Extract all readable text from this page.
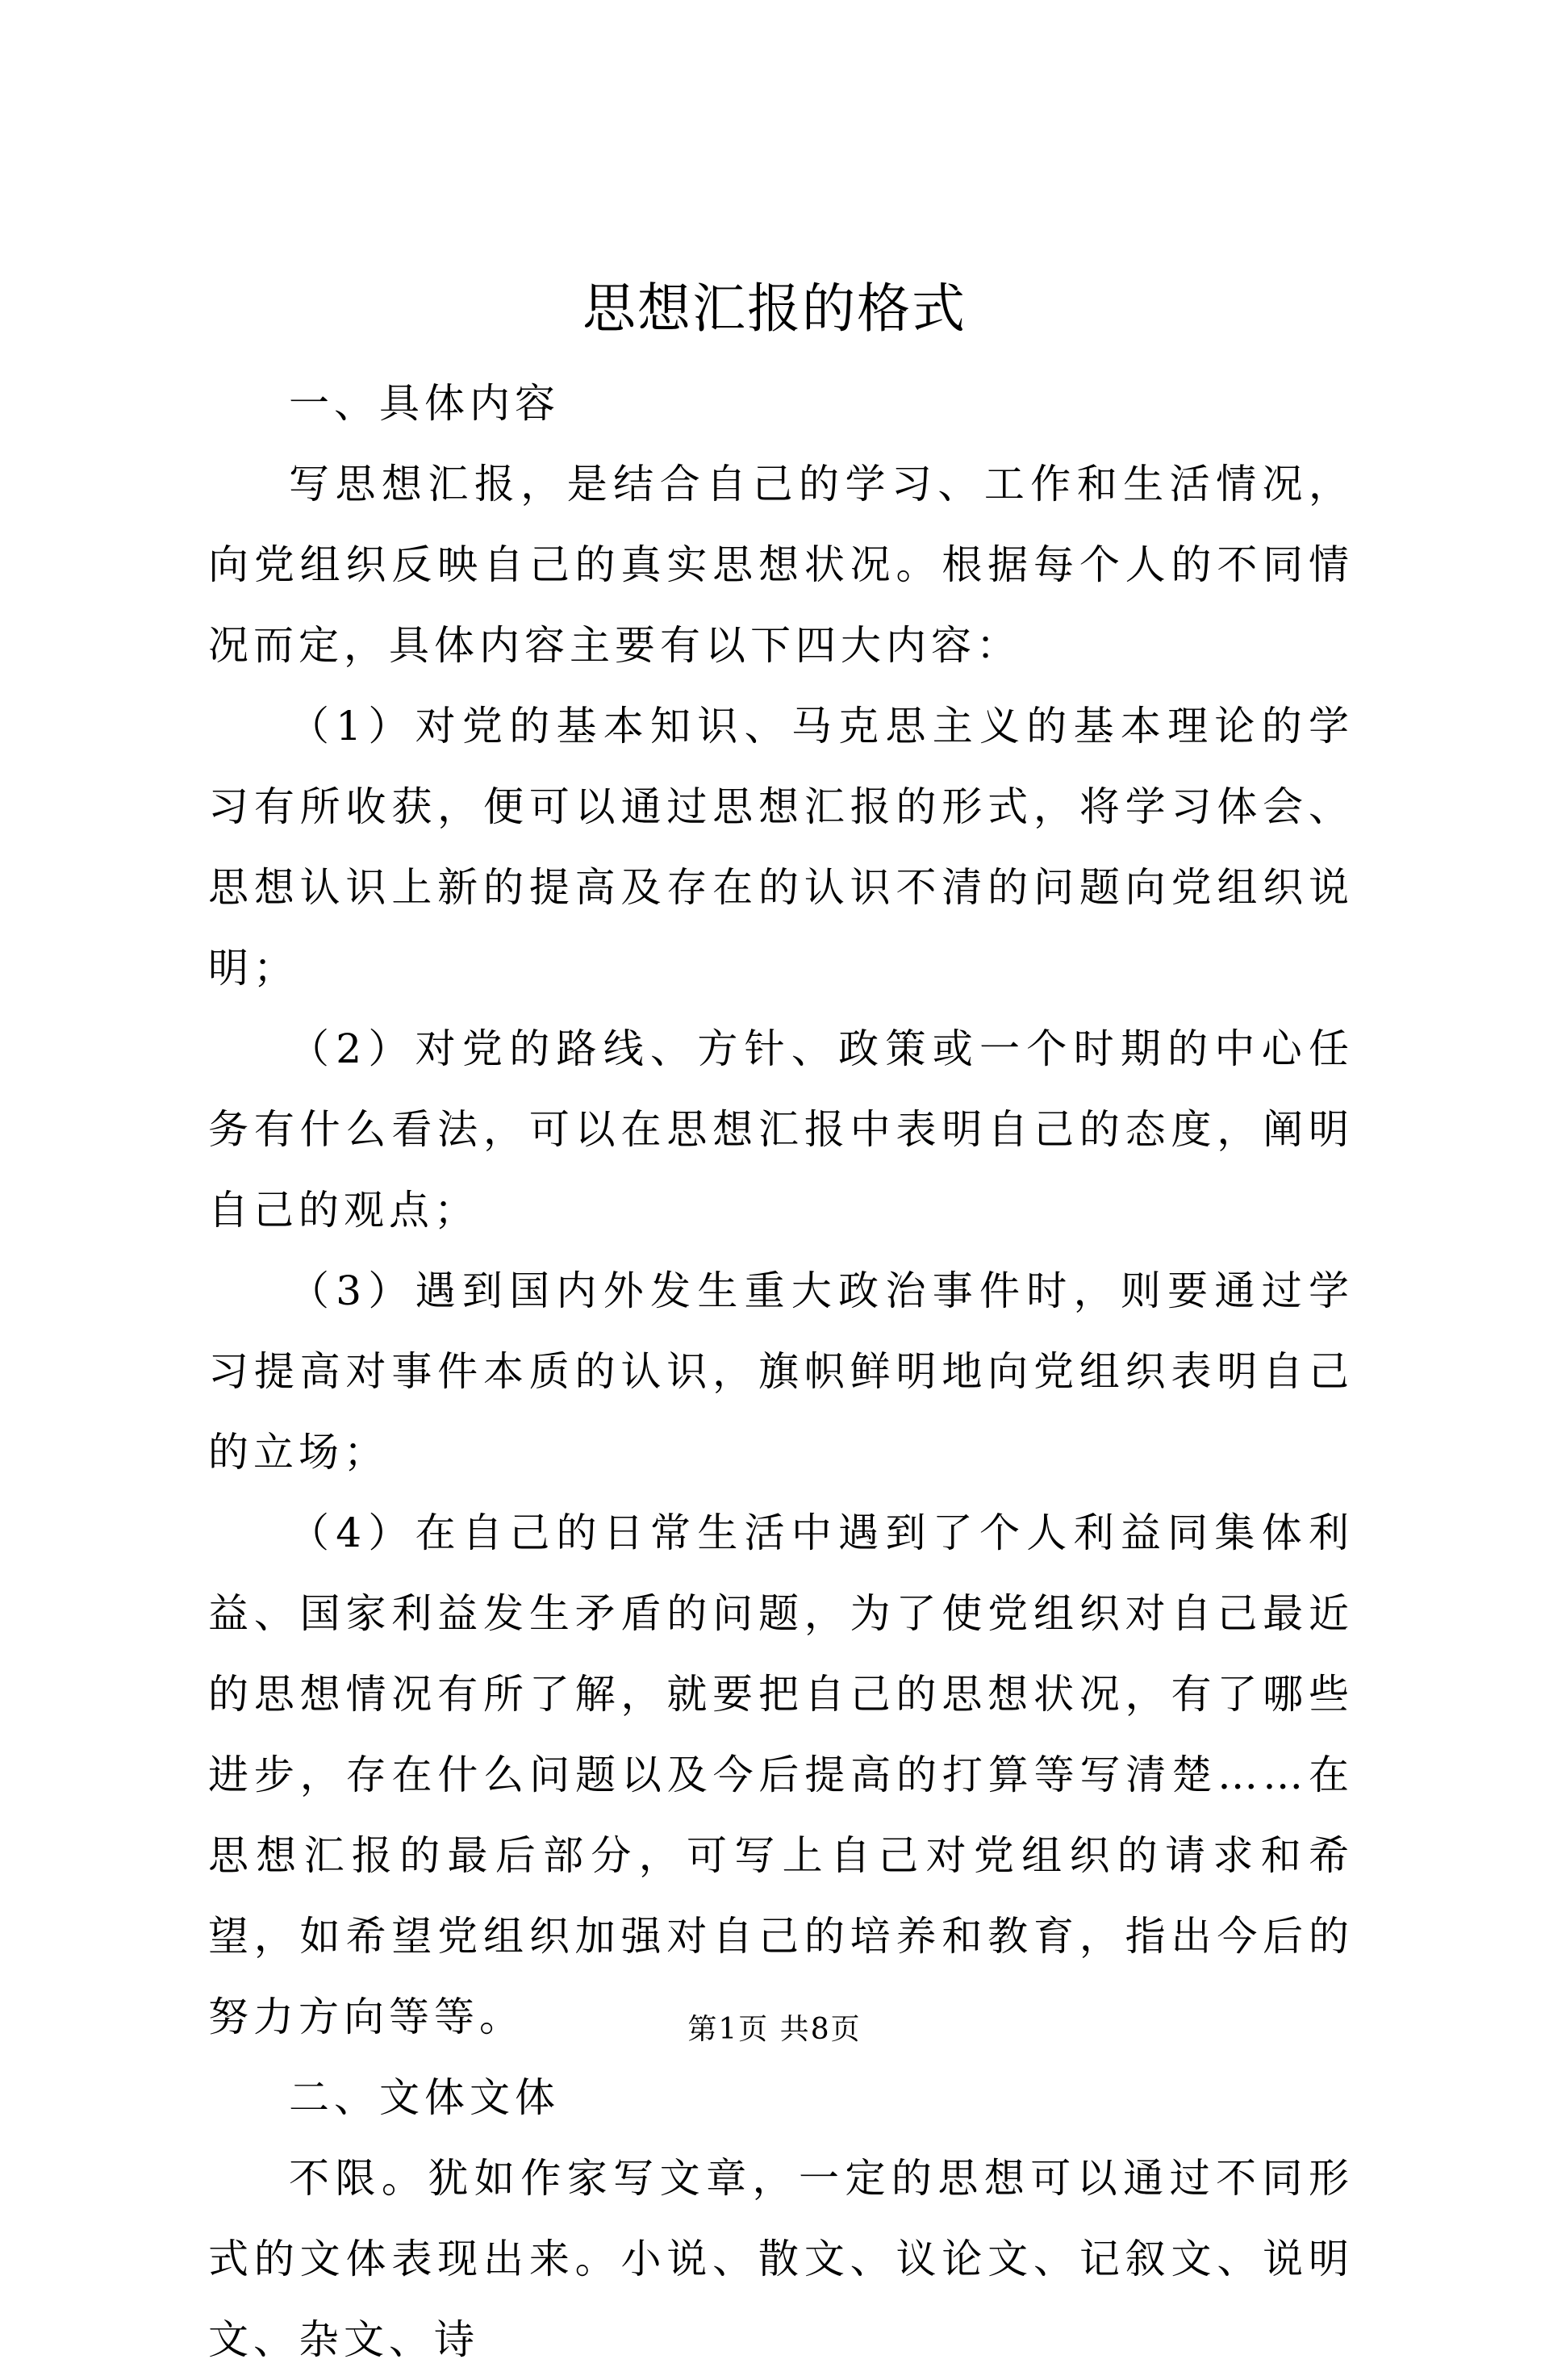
思想汇报的格式

一、具体内容

写思想汇报，是结合自己的学习、工作和生活情况，向党组织反映自己的真实思想状况。根据每个人的不同情况而定，具体内容主要有以下四大内容：

（1）对党的基本知识、马克思主义的基本理论的学习有所收获，便可以通过思想汇报的形式，将学习体会、思想认识上新的提高及存在的认识不清的问题向党组织说明；

（2）对党的路线、方针、政策或一个时期的中心任务有什么看法，可以在思想汇报中表明自己的态度，阐明自己的观点；

（3）遇到国内外发生重大政治事件时，则要通过学习提高对事件本质的认识，旗帜鲜明地向党组织表明自己的立场；

（4）在自己的日常生活中遇到了个人利益同集体利益、国家利益发生矛盾的问题，为了使党组织对自己最近的思想情况有所了解，就要把自己的思想状况，有了哪些进步，存在什么问题以及今后提高的打算等写清楚……在思想汇报的最后部分，可写上自己对党组织的请求和希望，如希望党组织加强对自己的培养和教育，指出今后的努力方向等等。

二、文体文体

不限。犹如作家写文章，一定的思想可以通过不同形式的文体表现出来。小说、散文、议论文、记叙文、说明文、杂文、诗

第1页 共8页
